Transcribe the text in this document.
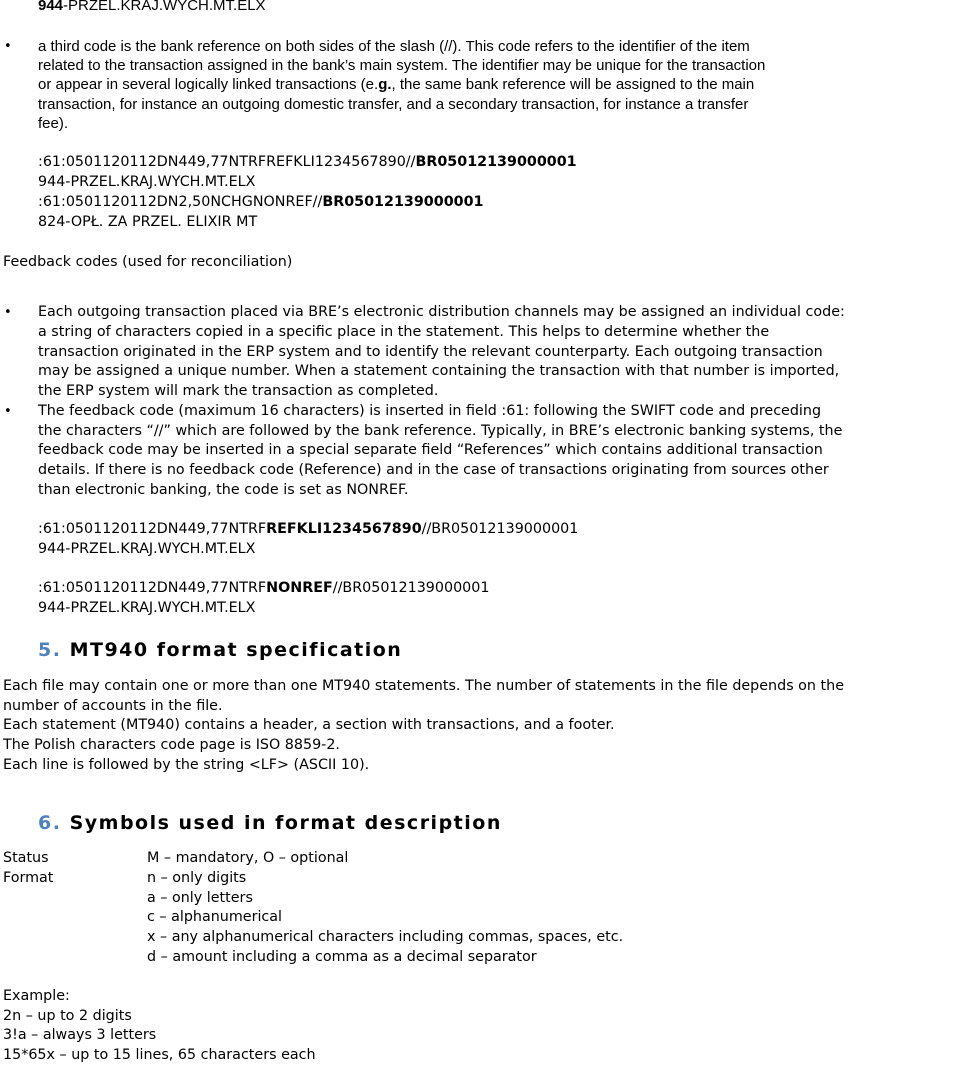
944-PRZEL.KRAJ.WYCH.MT.ELX
• a third code is the bank reference on both sides of the slash (//). This code refers to the identifier of the item
related to the transaction assigned in the bank’s main system. The identifier may be unique for the transaction
or appear in several logically linked transactions (e.g., the same bank reference will be assigned to the main
transaction, for instance an outgoing domestic transfer, and a secondary transaction, for instance a transfer
fee).
:61:0501120112DN449,77NTRFREFKLI1234567890//BR05012139000001
944-PRZEL.KRAJ.WYCH.MT.ELX
:61:0501120112DN2,50NCHGNONREF//BR05012139000001
824-OPŁ. ZA PRZEL. ELIXIR MT
Feedback codes (used for reconciliation)
• Each outgoing transaction placed via BRE’s electronic distribution channels may be assigned an individual code:
a string of characters copied in a specific place in the statement. This helps to determine whether the
transaction originated in the ERP system and to identify the relevant counterparty. Each outgoing transaction
may be assigned a unique number. When a statement containing the transaction with that number is imported,
the ERP system will mark the transaction as completed.
• The feedback code (maximum 16 characters) is inserted in field :61: following the SWIFT code and preceding
the characters “//” which are followed by the bank reference. Typically, in BRE’s electronic banking systems, the
feedback code may be inserted in a special separate field “References” which contains additional transaction
details. If there is no feedback code (Reference) and in the case of transactions originating from sources other
than electronic banking, the code is set as NONREF.
:61:0501120112DN449,77NTRFREFKLI1234567890//BR05012139000001
944-PRZEL.KRAJ.WYCH.MT.ELX
:61:0501120112DN449,77NTRFNONREF//BR05012139000001
944-PRZEL.KRAJ.WYCH.MT.ELX
5. MT940 format specification
Each file may contain one or more than one MT940 statements. The number of statements in the file depends on the
number of accounts in the file.
Each statement (MT940) contains a header, a section with transactions, and a footer.
The Polish characters code page is ISO 8859-2.
Each line is followed by the string <LF> (ASCII 10).
6. Symbols used in format description
Status
Format
M – mandatory, O – optional
n – only digits
a – only letters
c – alphanumerical
x – any alphanumerical characters including commas, spaces, etc.
d – amount including a comma as a decimal separator
Example:
2n – up to 2 digits
3!a – always 3 letters
15*65x – up to 15 lines, 65 characters each
